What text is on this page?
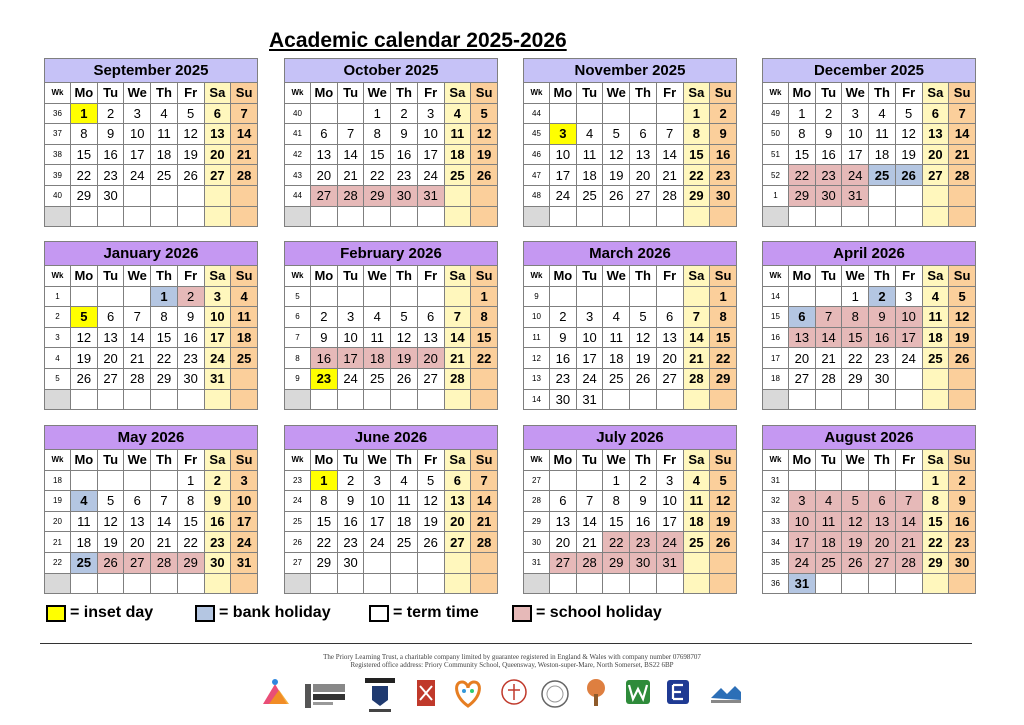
Academic calendar 2025-2026
September 2025							
Wk	Mo	Tu	We	Th	Fr	Sa	Su
36	1	2	3	4	5	6	7
37	8	9	10	11	12	13	14
38	15	16	17	18	19	20	21
39	22	23	24	25	26	27	28
40	29	30					

October 2025							
Wk	Mo	Tu	We	Th	Fr	Sa	Su
40			1	2	3	4	5
41	6	7	8	9	10	11	12
42	13	14	15	16	17	18	19
43	20	21	22	23	24	25	26
44	27	28	29	30	31		

November 2025							
Wk	Mo	Tu	We	Th	Fr	Sa	Su
44						1	2
45	3	4	5	6	7	8	9
46	10	11	12	13	14	15	16
47	17	18	19	20	21	22	23
48	24	25	26	27	28	29	30

December 2025							
Wk	Mo	Tu	We	Th	Fr	Sa	Su
49	1	2	3	4	5	6	7
50	8	9	10	11	12	13	14
51	15	16	17	18	19	20	21
52	22	23	24	25	26	27	28
1	29	30	31				

January 2026							
Wk	Mo	Tu	We	Th	Fr	Sa	Su
1				1	2	3	4
2	5	6	7	8	9	10	11
3	12	13	14	15	16	17	18
4	19	20	21	22	23	24	25
5	26	27	28	29	30	31	

February 2026							
Wk	Mo	Tu	We	Th	Fr	Sa	Su
5							1
6	2	3	4	5	6	7	8
7	9	10	11	12	13	14	15
8	16	17	18	19	20	21	22
9	23	24	25	26	27	28	

March 2026							
Wk	Mo	Tu	We	Th	Fr	Sa	Su
9							1
10	2	3	4	5	6	7	8
11	9	10	11	12	13	14	15
12	16	17	18	19	20	21	22
13	23	24	25	26	27	28	29
14	30	31					
April 2026							
Wk	Mo	Tu	We	Th	Fr	Sa	Su
14			1	2	3	4	5
15	6	7	8	9	10	11	12
16	13	14	15	16	17	18	19
17	20	21	22	23	24	25	26
18	27	28	29	30			

May 2026							
Wk	Mo	Tu	We	Th	Fr	Sa	Su
18					1	2	3
19	4	5	6	7	8	9	10
20	11	12	13	14	15	16	17
21	18	19	20	21	22	23	24
22	25	26	27	28	29	30	31

June 2026							
Wk	Mo	Tu	We	Th	Fr	Sa	Su
23	1	2	3	4	5	6	7
24	8	9	10	11	12	13	14
25	15	16	17	18	19	20	21
26	22	23	24	25	26	27	28
27	29	30					

July 2026							
Wk	Mo	Tu	We	Th	Fr	Sa	Su
27			1	2	3	4	5
28	6	7	8	9	10	11	12
29	13	14	15	16	17	18	19
30	20	21	22	23	24	25	26
31	27	28	29	30	31		

August 2026							
Wk	Mo	Tu	We	Th	Fr	Sa	Su
31						1	2
32	3	4	5	6	7	8	9
33	10	11	12	13	14	15	16
34	17	18	19	20	21	22	23
35	24	25	26	27	28	29	30
36	31						
= inset day	= bank holiday	= term time	= school holiday
The Priory Learning Trust, a charitable company limited by guarantee registered in England & Wales with company number 07698707
Registered office address: Priory Community School, Queensway, Weston-super-Mare, North Somerset, BS22 6BP
